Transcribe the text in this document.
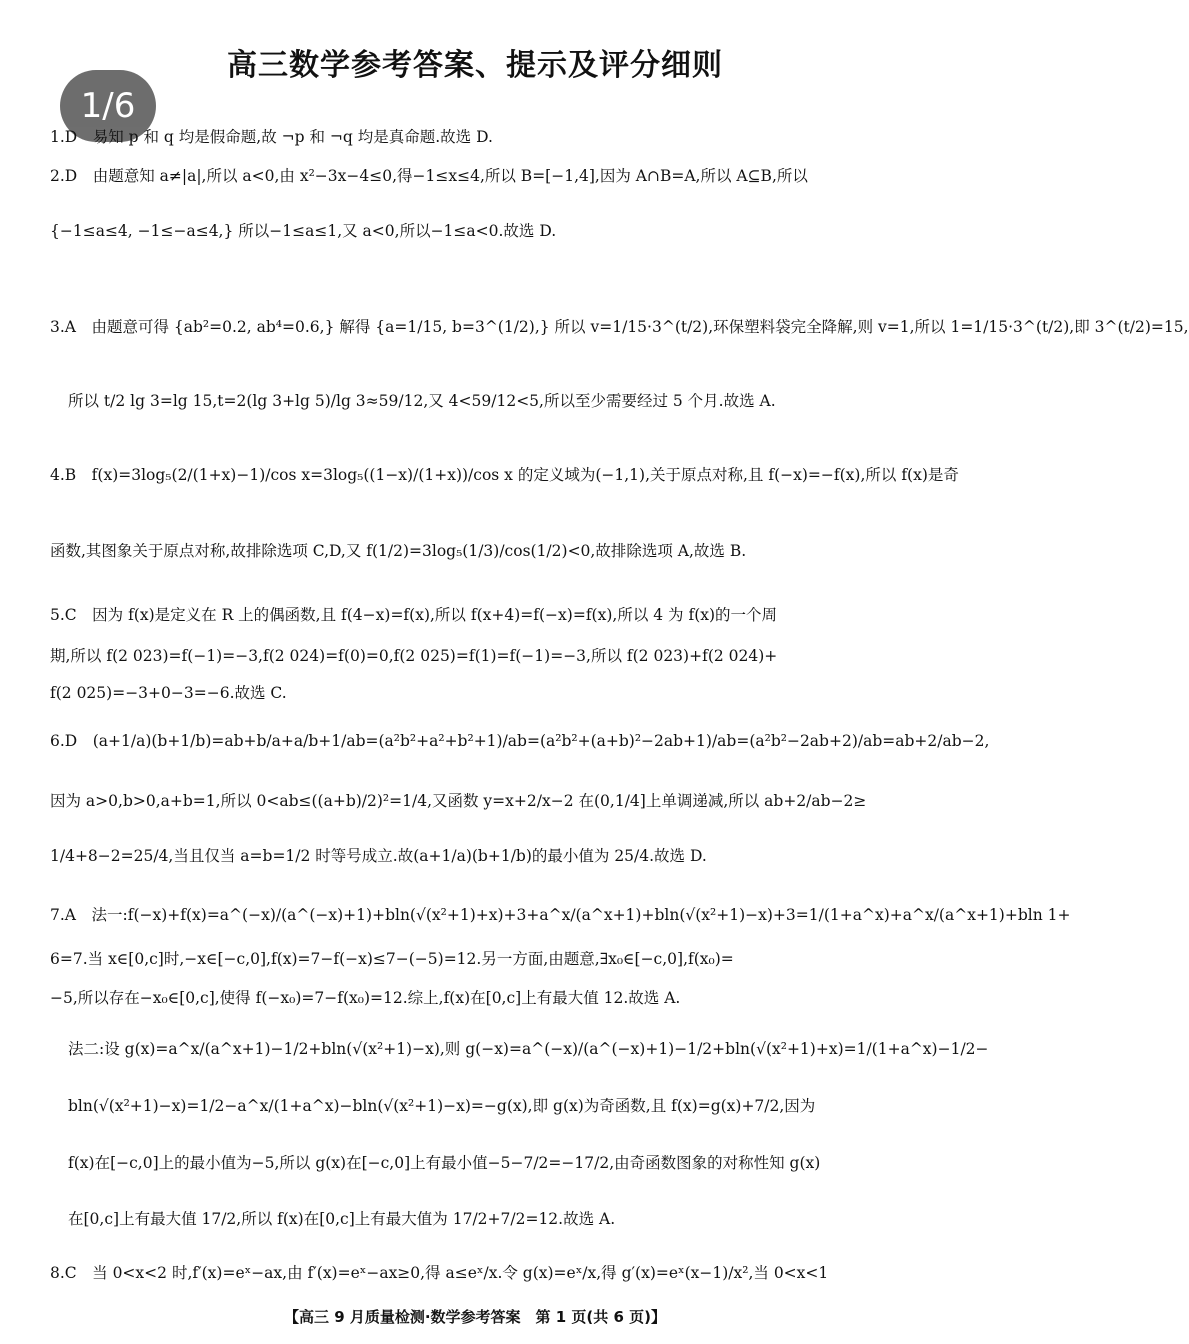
高三数学参考答案、提示及评分细则
1/6
1.D　易知 p 和 q 均是假命题,故 ¬p 和 ¬q 均是真命题.故选 D.
2.D　由题意知 a≠|a|,所以 a<0,由 x²−3x−4≤0,得−1≤x≤4,所以 B=[−1,4],因为 A∩B=A,所以 A⊆B,所以
{−1≤a≤4, −1≤−a≤4,} 所以−1≤a≤1,又 a<0,所以−1≤a<0.故选 D.
3.A　由题意可得 {ab²=0.2, ab⁴=0.6,} 解得 {a=1/15, b=3^(1/2),} 所以 v=1/15·3^(t/2),环保塑料袋完全降解,则 v=1,所以 1=1/15·3^(t/2),即 3^(t/2)=15,
所以 t/2 lg 3=lg 15,t=2(lg 3+lg 5)/lg 3≈59/12,又 4<59/12<5,所以至少需要经过 5 个月.故选 A.
4.B　f(x)=3log₅(2/(1+x)−1)/cos x=3log₅((1−x)/(1+x))/cos x 的定义域为(−1,1),关于原点对称,且 f(−x)=−f(x),所以 f(x)是奇
函数,其图象关于原点对称,故排除选项 C,D,又 f(1/2)=3log₅(1/3)/cos(1/2)<0,故排除选项 A,故选 B.
5.C　因为 f(x)是定义在 R 上的偶函数,且 f(4−x)=f(x),所以 f(x+4)=f(−x)=f(x),所以 4 为 f(x)的一个周
期,所以 f(2 023)=f(−1)=−3,f(2 024)=f(0)=0,f(2 025)=f(1)=f(−1)=−3,所以 f(2 023)+f(2 024)+
f(2 025)=−3+0−3=−6.故选 C.
6.D　(a+1/a)(b+1/b)=ab+b/a+a/b+1/ab=(a²b²+a²+b²+1)/ab=(a²b²+(a+b)²−2ab+1)/ab=(a²b²−2ab+2)/ab=ab+2/ab−2,
因为 a>0,b>0,a+b=1,所以 0<ab≤((a+b)/2)²=1/4,又函数 y=x+2/x−2 在(0,1/4]上单调递减,所以 ab+2/ab−2≥
1/4+8−2=25/4,当且仅当 a=b=1/2 时等号成立.故(a+1/a)(b+1/b)的最小值为 25/4.故选 D.
7.A　法一:f(−x)+f(x)=a^(−x)/(a^(−x)+1)+bln(√(x²+1)+x)+3+a^x/(a^x+1)+bln(√(x²+1)−x)+3=1/(1+a^x)+a^x/(a^x+1)+bln 1+
6=7.当 x∈[0,c]时,−x∈[−c,0],f(x)=7−f(−x)≤7−(−5)=12.另一方面,由题意,∃x₀∈[−c,0],f(x₀)=
−5,所以存在−x₀∈[0,c],使得 f(−x₀)=7−f(x₀)=12.综上,f(x)在[0,c]上有最大值 12.故选 A.
法二:设 g(x)=a^x/(a^x+1)−1/2+bln(√(x²+1)−x),则 g(−x)=a^(−x)/(a^(−x)+1)−1/2+bln(√(x²+1)+x)=1/(1+a^x)−1/2−
bln(√(x²+1)−x)=1/2−a^x/(1+a^x)−bln(√(x²+1)−x)=−g(x),即 g(x)为奇函数,且 f(x)=g(x)+7/2,因为
f(x)在[−c,0]上的最小值为−5,所以 g(x)在[−c,0]上有最小值−5−7/2=−17/2,由奇函数图象的对称性知 g(x)
在[0,c]上有最大值 17/2,所以 f(x)在[0,c]上有最大值为 17/2+7/2=12.故选 A.
8.C　当 0<x<2 时,f′(x)=eˣ−ax,由 f′(x)=eˣ−ax≥0,得 a≤eˣ/x.令 g(x)=eˣ/x,得 g′(x)=eˣ(x−1)/x²,当 0<x<1
【高三 9 月质量检测·数学参考答案　第 1 页(共 6 页)】
